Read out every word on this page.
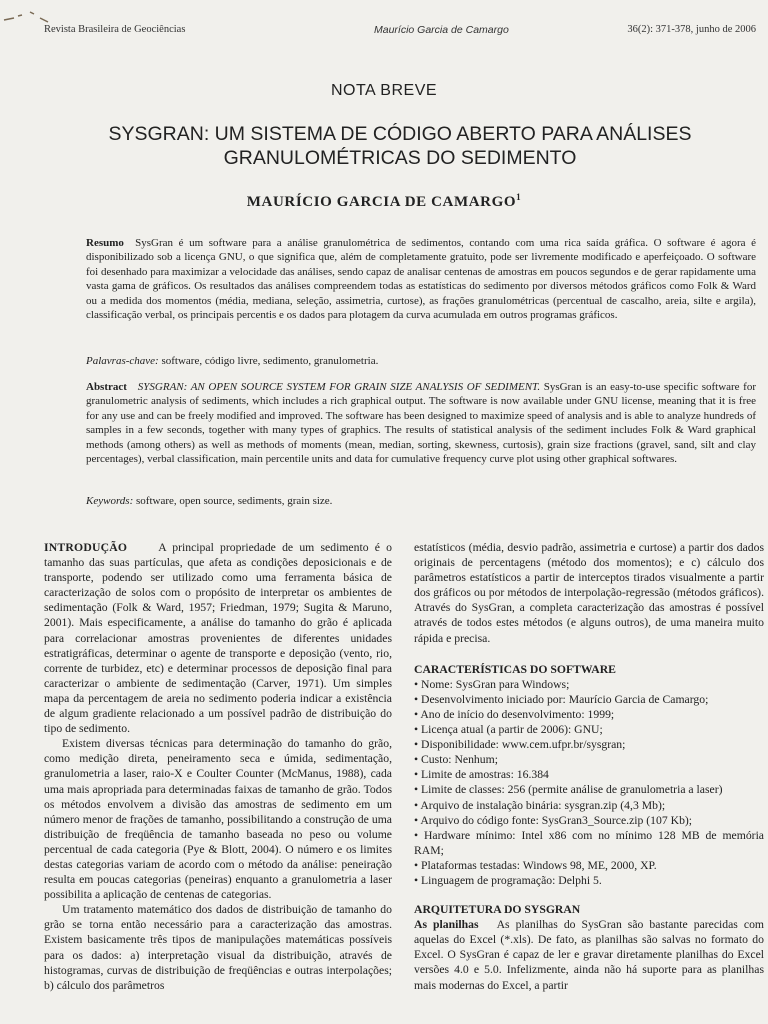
Revista Brasileira de Geociências	Maurício Garcia de Camargo	36(2): 371-378, junho de 2006
NOTA BREVE
SYSGRAN: UM SISTEMA DE CÓDIGO ABERTO PARA ANÁLISES
GRANULOMÉTRICAS DO SEDIMENTO
MAURÍCIO GARCIA DE CAMARGO$^1$
Resumo SysGran é um software para a análise granulométrica de sedimentos, contando com uma rica saída gráfica. O software é agora é disponibilizado sob a licença GNU, o que significa que, além de completamente gratuito, pode ser livremente modificado e aperfeiçoado. O software foi desenhado para maximizar a velocidade das análises, sendo capaz de analisar centenas de amostras em poucos segundos e de gerar rapidamente uma vasta gama de gráficos. Os resultados das análises compreendem todas as estatísticas do sedimento por diversos métodos gráficos como Folk & Ward ou a medida dos momentos (média, mediana, seleção, assimetria, curtose), as frações granulométricas (percentual de cascalho, areia, silte e argila), classificação verbal, os principais percentis e os dados para plotagem da curva acumulada em outros programas gráficos.
Palavras-chave: software, código livre, sedimento, granulometria.
Abstract SYSGRAN: AN OPEN SOURCE SYSTEM FOR GRAIN SIZE ANALYSIS OF SEDIMENT. SysGran is an easy-to-use specific software for granulometric analysis of sediments, which includes a rich graphical output. The software is now available under GNU license, meaning that it is free for any use and can be freely modified and improved. The software has been designed to maximize speed of analysis and is able to analyze hundreds of samples in a few seconds, together with many types of graphics. The results of statistical analysis of the sediment includes Folk & Ward graphical methods (among others) as well as methods of moments (mean, median, sorting, skewness, curtosis), grain size fractions (gravel, sand, silt and clay percentages), verbal classification, main percentile units and data for cumulative frequency curve plot using other graphical softwares.
Keywords: software, open source, sediments, grain size.

INTRODUÇÃO	A principal propriedade de um sedimento é o tamanho das suas partículas, que afeta as condições deposicionais e de transporte, podendo ser utilizado como uma ferramenta básica de caracterização de solos com o propósito de interpretar os ambientes de sedimentação (Folk & Ward, 1957; Friedman, 1979; Sugita & Maruno, 2001). Mais especificamente, a análise do tamanho do grão é aplicada para correlacionar amostras provenientes de diferentes unidades estratigráficas, determinar o agente de transporte e deposição (vento, rio, corrente de turbidez, etc) e determinar processos de deposição final para caracterizar o ambiente de sedimentação (Carver, 1971). Um simples mapa da percentagem de areia no sedimento poderia indicar a existência de algum gradiente relacionado a um possível padrão de distribuição do tipo de sedimento.

Existem diversas técnicas para determinação do tamanho do grão, como medição direta, peneiramento seca e úmida, sedimentação, granulometria a laser, raio-X e Coulter Counter (McManus, 1988), cada uma mais apropriada para determinadas faixas de tamanho de grão. Todos os métodos envolvem a divisão das amostras de sedimento em um número menor de frações de tamanho, possibilitando a construção de uma distribuição de freqüência de tamanho baseada no peso ou volume percentual de cada categoria (Pye & Blott, 2004). O número e os limites destas categorias variam de acordo com o método da análise: peneiração resulta em poucas categorias (peneiras) enquanto a granulometria a laser possibilita a aplicação de centenas de categorias.

Um tratamento matemático dos dados de distribuição de tamanho do grão se torna então necessário para a caracterização das amostras. Existem basicamente três tipos de manipulações matemáticas possíveis para os dados: a) interpretação visual da distribuição, através de histogramas, curvas de distribuição de freqüências e outras interpolações; b) cálculo dos parâmetros

estatísticos (média, desvio padrão, assimetria e curtose) a partir dos dados originais de percentagens (método dos momentos); e c) cálculo dos parâmetros estatísticos a partir de interceptos tirados visualmente a partir dos gráficos ou por métodos de interpolação-regressão (métodos gráficos). Através do SysGran, a completa caracterização das amostras é possível através de todos estes métodos (e alguns outros), de uma maneira muito rápida e precisa.

CARACTERÍSTICAS DO SOFTWARE
• Nome: SysGran para Windows;
• Desenvolvimento iniciado por: Maurício Garcia de Camargo;
• Ano de início do desenvolvimento: 1999;
• Licença atual (a partir de 2006): GNU;
• Disponibilidade: www.cem.ufpr.br/sysgran;
• Custo: Nenhum;
• Limite de amostras: 16.384
• Limite de classes: 256 (permite análise de granulometria a laser)
• Arquivo de instalação binária: sysgran.zip (4,3 Mb);
• Arquivo do código fonte: SysGran3_Source.zip (107 Kb);
• Hardware mínimo: Intel x86 com no mínimo 128 MB de memória RAM;
• Plataformas testadas: Windows 98, ME, 2000, XP.
• Linguagem de programação: Delphi 5.
ARQUITETURA DO SYSGRAN

As planilhas As planilhas do SysGran são bastante parecidas com aquelas do Excel (*.xls). De fato, as planilhas são salvas no formato do Excel. O SysGran é capaz de ler e gravar diretamente planilhas do Excel versões 4.0 e 5.0. Infelizmente, ainda não há suporte para as planilhas mais modernas do Excel, a partir
